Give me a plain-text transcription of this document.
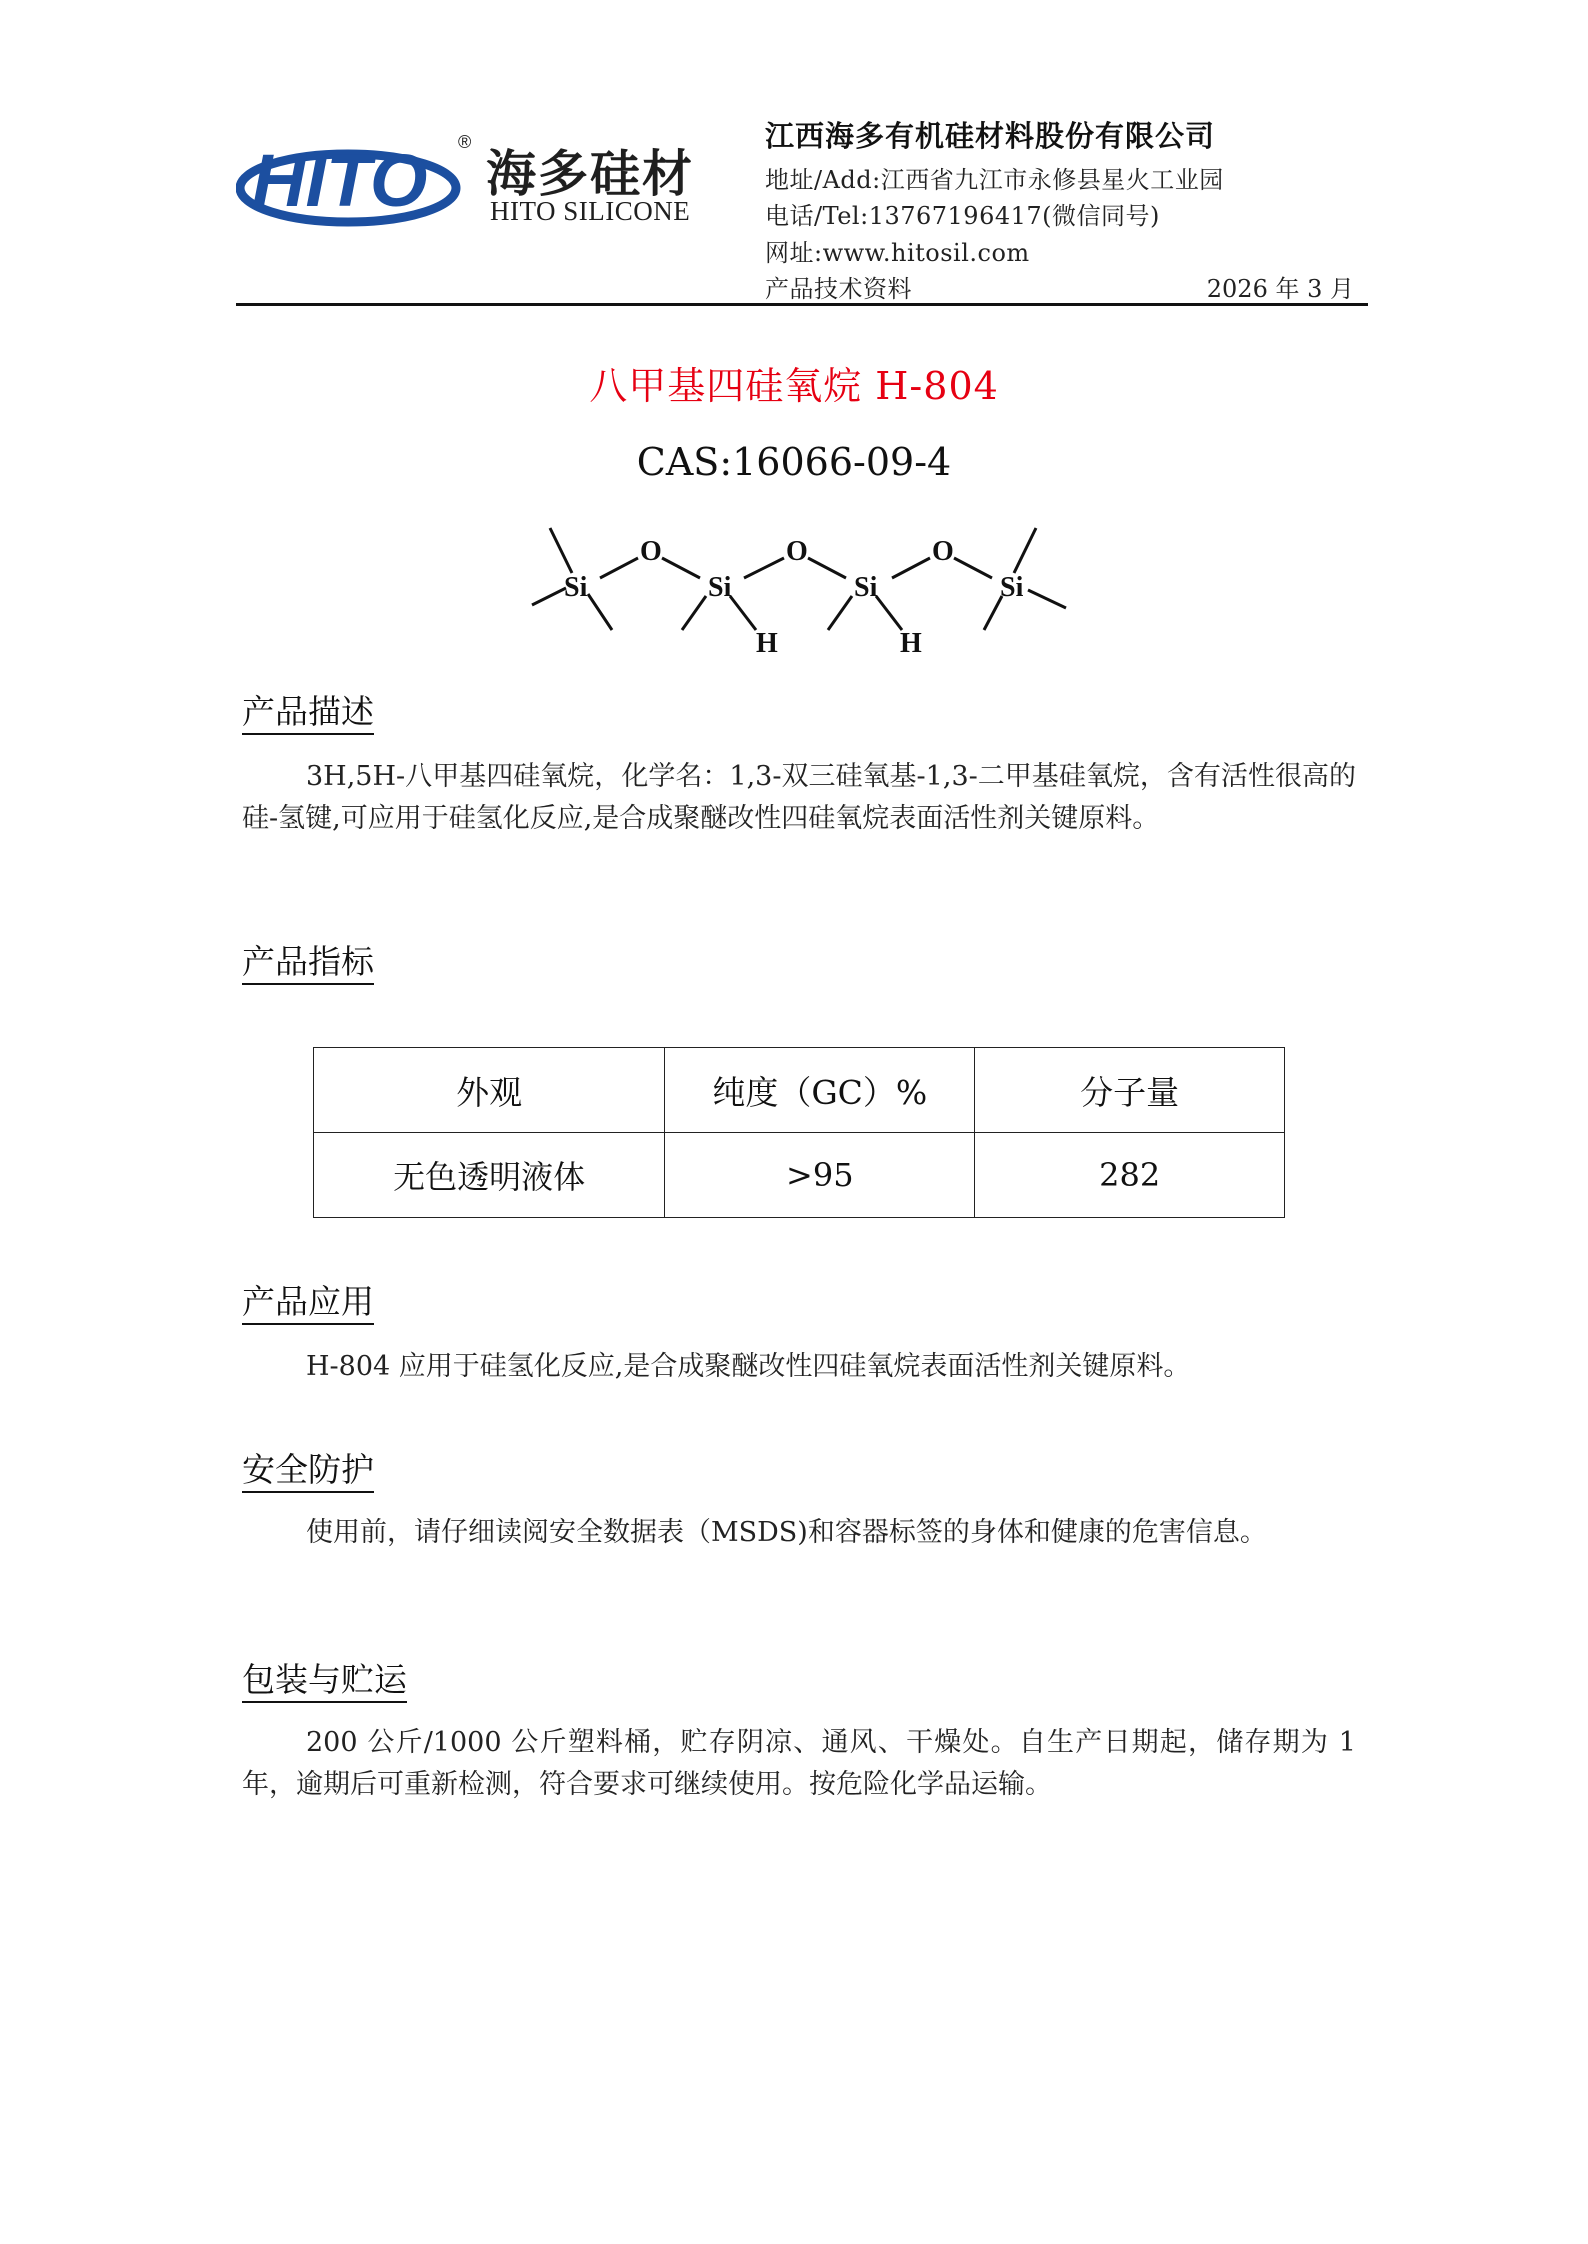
HITO ®
海多硅材
HITO SILICONE
江西海多有机硅材料股份有限公司
地址/Add:江西省九江市永修县星火工业园
电话/Tel:13767196417(微信同号)
网址:www.hitosil.com
产品技术资料	2026 年 3 月
八甲基四硅氧烷 H-804
CAS:16066-09-4
Si
O
Si
O
Si
O
Si
H	H
产品描述
3H,5H-八甲基四硅氧烷，化学名：1,3-双三硅氧基-1,3-二甲基硅氧烷，含有活性很高的硅-氢键,可应用于硅氢化反应,是合成聚醚改性四硅氧烷表面活性剂关键原料。
产品指标
外观	纯度（GC）%	分子量
无色透明液体	>95	282
产品应用
H-804 应用于硅氢化反应,是合成聚醚改性四硅氧烷表面活性剂关键原料。
安全防护
使用前，请仔细读阅安全数据表（MSDS)和容器标签的身体和健康的危害信息。
包装与贮运
200 公斤/1000 公斤塑料桶，贮存阴凉、通风、干燥处。自生产日期起，储存期为 1 年，逾期后可重新检测，符合要求可继续使用。按危险化学品运输。
